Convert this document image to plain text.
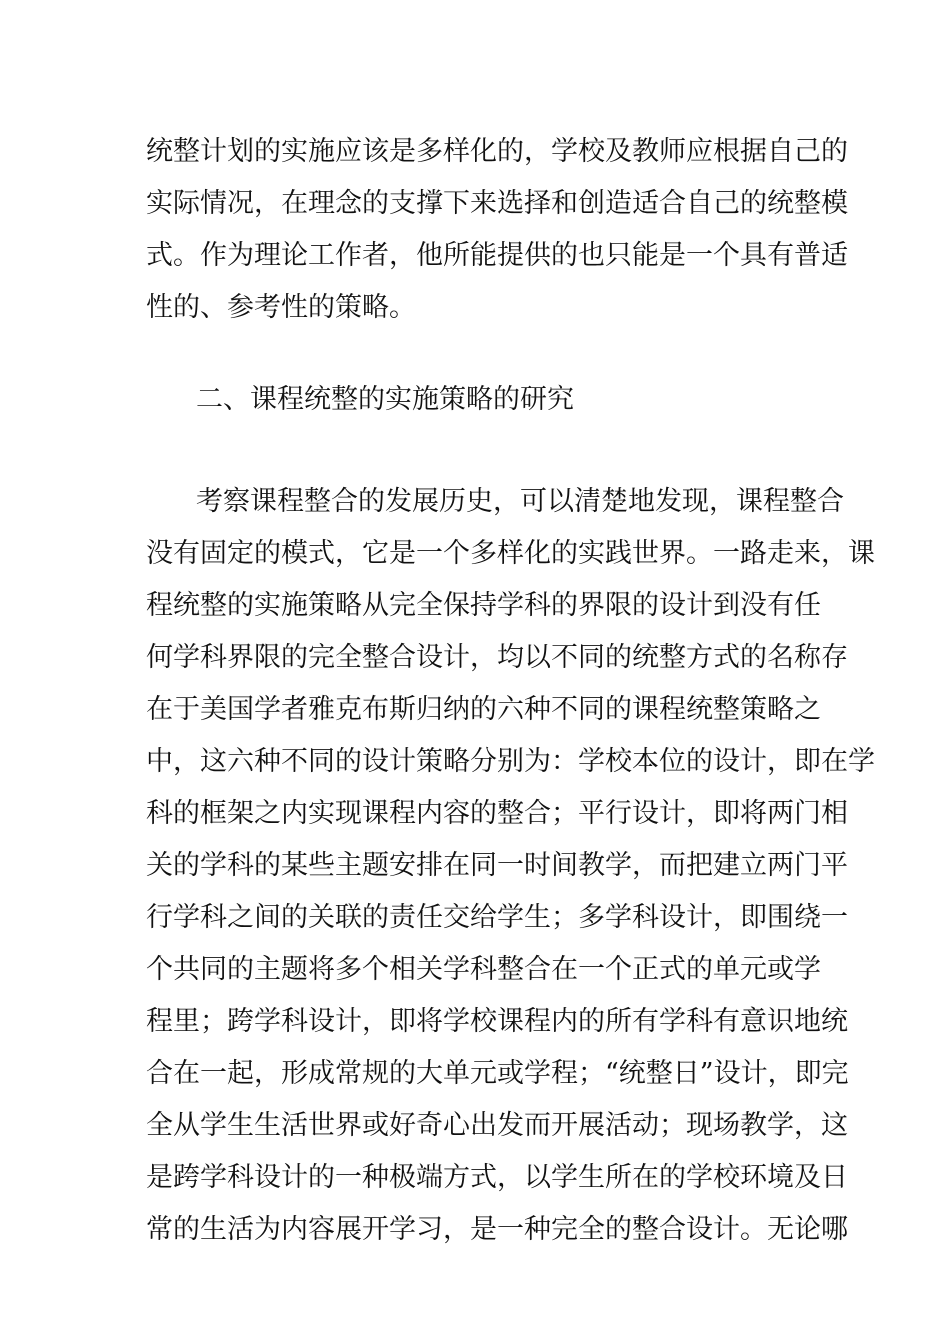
统整计划的实施应该是多样化的，学校及教师应根据自己的
实际情况，在理念的支撑下来选择和创造适合自己的统整模
式。作为理论工作者，他所能提供的也只能是一个具有普适
性的、参考性的策略。
二、课程统整的实施策略的研究
考察课程整合的发展历史，可以清楚地发现，课程整合
没有固定的模式，它是一个多样化的实践世界。一路走来，课
程统整的实施策略从完全保持学科的界限的设计到没有任
何学科界限的完全整合设计，均以不同的统整方式的名称存
在于美国学者雅克布斯归纳的六种不同的课程统整策略之
中，这六种不同的设计策略分别为：学校本位的设计，即在学
科的框架之内实现课程内容的整合；平行设计，即将两门相
关的学科的某些主题安排在同一时间教学，而把建立两门平
行学科之间的关联的责任交给学生；多学科设计，即围绕一
个共同的主题将多个相关学科整合在一个正式的单元或学
程里；跨学科设计，即将学校课程内的所有学科有意识地统
合在一起，形成常规的大单元或学程；“统整日”设计，即完
全从学生生活世界或好奇心出发而开展活动；现场教学，这
是跨学科设计的一种极端方式，以学生所在的学校环境及日
常的生活为内容展开学习，是一种完全的整合设计。无论哪
